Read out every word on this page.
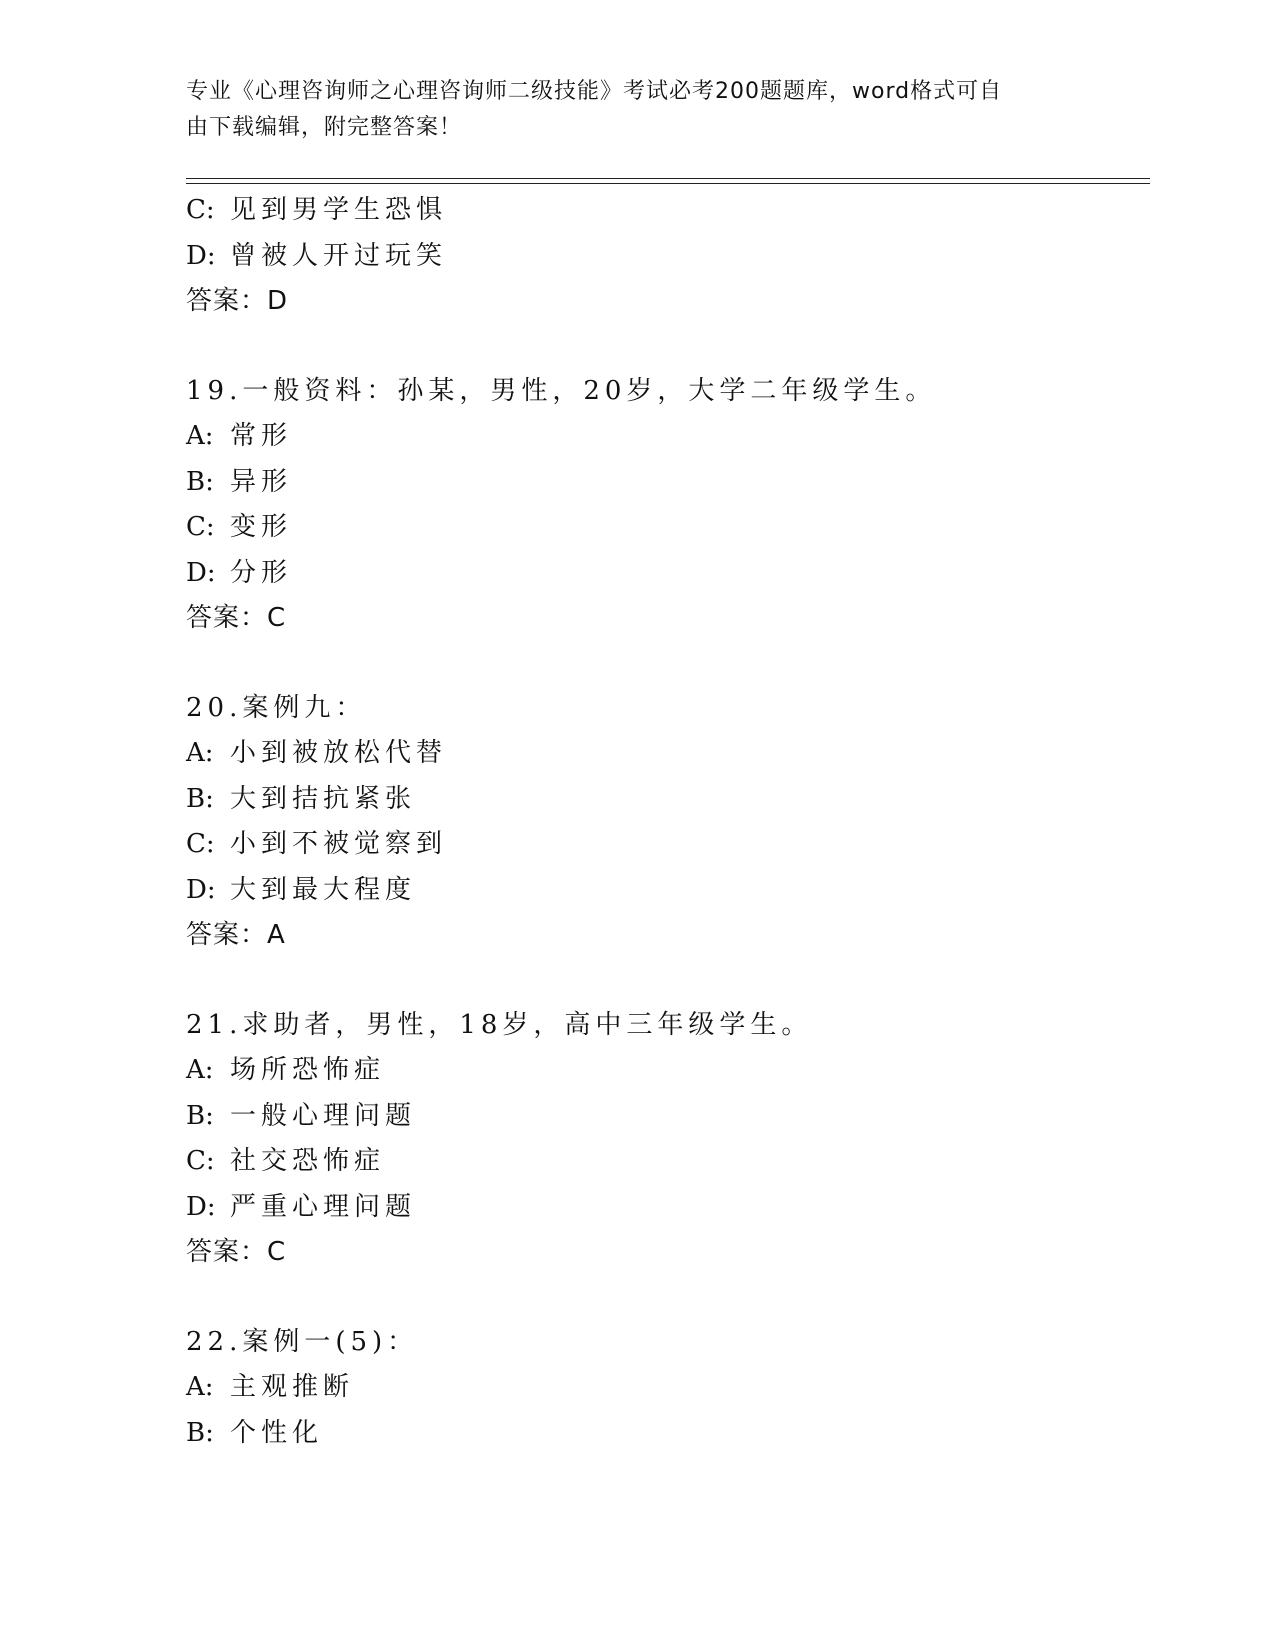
专业《心理咨询师之心理咨询师二级技能》考试必考200题题库，word格式可自
由下载编辑，附完整答案！
C: 见到男学生恐惧
D: 曾被人开过玩笑
答案：D
19.一般资料：孙某，男性，20岁，大学二年级学生。
A: 常形
B: 异形
C: 变形
D: 分形
答案：C
20.案例九：
A: 小到被放松代替
B: 大到拮抗紧张
C: 小到不被觉察到
D: 大到最大程度
答案：A
21.求助者，男性，18岁，高中三年级学生。
A: 场所恐怖症
B: 一般心理问题
C: 社交恐怖症
D: 严重心理问题
答案：C
22.案例一(5)：
A: 主观推断
B: 个性化
